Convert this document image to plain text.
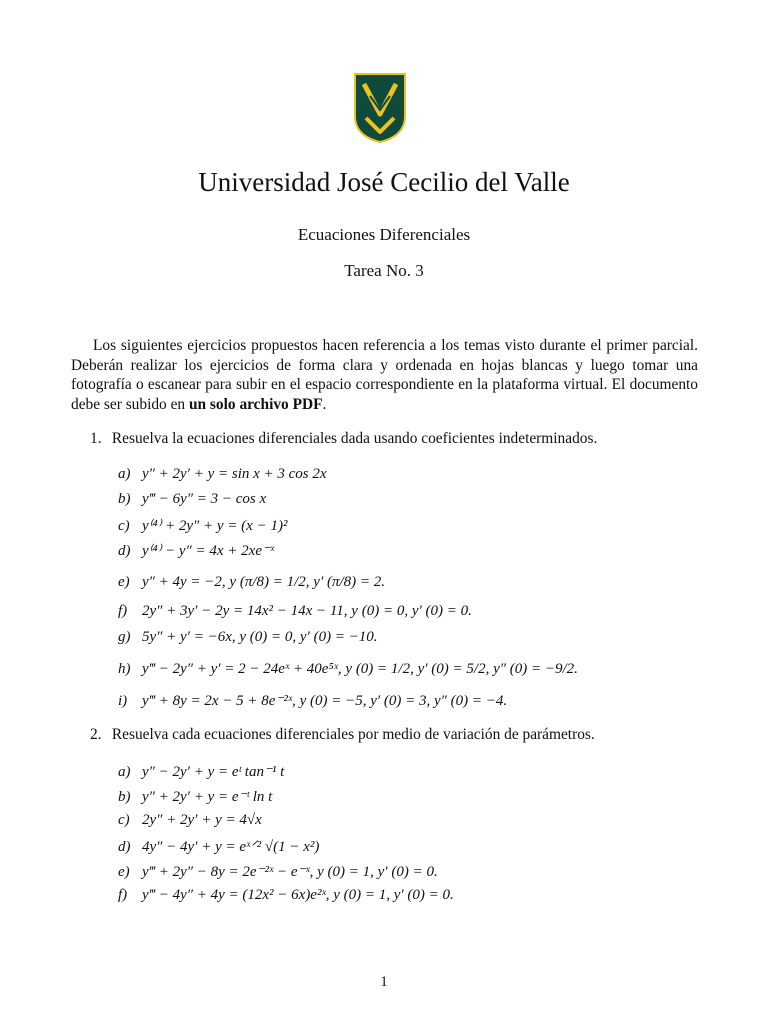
Universidad José Cecilio del Valle
Ecuaciones Diferenciales
Tarea No. 3
Los siguientes ejercicios propuestos hacen referencia a los temas visto durante el primer parcial. Deberán realizar los ejercicios de forma clara y ordenada en hojas blancas y luego tomar una fotografía o escanear para subir en el espacio correspondiente en la plataforma virtual. El documento debe ser subido en un solo archivo PDF.
1. Resuelva la ecuaciones diferenciales dada usando coeficientes indeterminados.
a) y″ + 2y′ + y = sin x + 3 cos 2x
b) y‴ − 6y″ = 3 − cos x
c) y⁽⁴⁾ + 2y″ + y = (x − 1)²
d) y⁽⁴⁾ − y″ = 4x + 2xe⁻ˣ
e) y″ + 4y = −2, y (π/8) = 1/2, y′ (π/8) = 2.
f) 2y″ + 3y′ − 2y = 14x² − 14x − 11, y (0) = 0, y′ (0) = 0.
g) 5y″ + y′ = −6x, y (0) = 0, y′ (0) = −10.
h) y‴ − 2y″ + y′ = 2 − 24eˣ + 40e⁵ˣ, y (0) = 1/2, y′ (0) = 5/2, y″ (0) = −9/2.
i) y‴ + 8y = 2x − 5 + 8e⁻²ˣ, y (0) = −5, y′ (0) = 3, y″ (0) = −4.
2. Resuelva cada ecuaciones diferenciales por medio de variación de parámetros.
a) y″ − 2y′ + y = eᵗ tan⁻¹ t
b) y″ + 2y′ + y = e⁻ᵗ ln t
c) 2y″ + 2y′ + y = 4√x
d) 4y″ − 4y′ + y = eˣᐟ² √(1 − x²)
e) y‴ + 2y″ − 8y = 2e⁻²ˣ − e⁻ˣ, y (0) = 1, y′ (0) = 0.
f) y‴ − 4y″ + 4y = (12x² − 6x)e²ˣ, y (0) = 1, y′ (0) = 0.
1
